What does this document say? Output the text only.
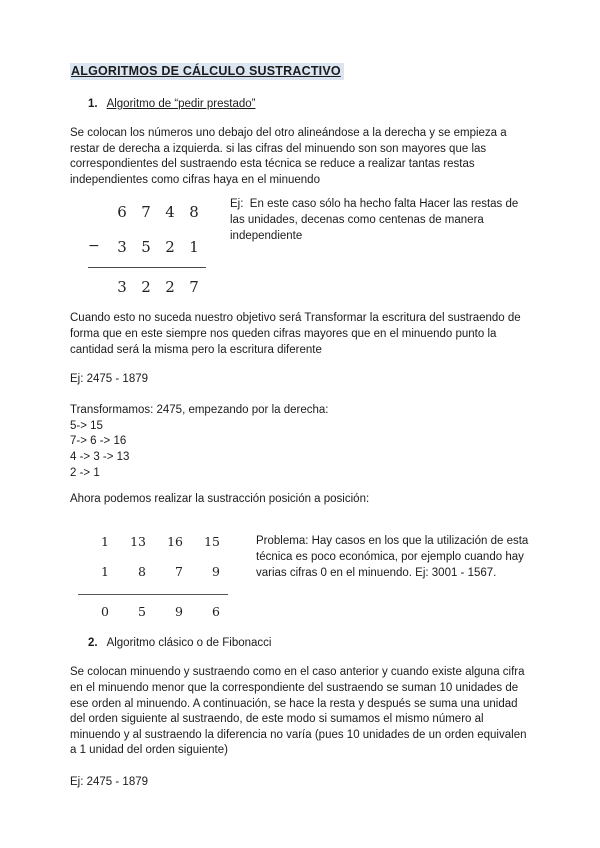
ALGORITMOS DE CÁLCULO SUSTRACTIVO
1. Algoritmo de “pedir prestado”

Se colocan los números uno debajo del otro alineándose a la derecha y se empieza a restar de derecha a izquierda. si las cifras del minuendo son son mayores que las correspondientes del sustraendo esta técnica se reduce a realizar tantas restas independientes como cifras haya en el minuendo

6 7 4 8
−	3 5 2 1
3 2 2 7

Ej:  En este caso sólo ha hecho falta Hacer las restas de las unidades, decenas como centenas de manera independiente

Cuando esto no suceda nuestro objetivo será Transformar la escritura del sustraendo de forma que en este siempre nos queden cifras mayores que en el minuendo punto la cantidad será la misma pero la escritura diferente

Ej: 2475 - 1879

Transformamos: 2475, empezando por la derecha:

5-> 15

7-> 6 -> 16

4 -> 3 -> 13

2 -> 1

Ahora podemos realizar la sustracción posición a posición:

1	13	16	15
1	8	7	9
0	5	9	6

Problema: Hay casos en los que la utilización de esta técnica es poco económica, por ejemplo cuando hay varias cifras 0 en el minuendo. Ej: 3001 - 1567.

2. Algoritmo clásico o de Fibonacci

Se colocan minuendo y sustraendo como en el caso anterior y cuando existe alguna cifra en el minuendo menor que la correspondiente del sustraendo se suman 10 unidades de ese orden al minuendo. A continuación, se hace la resta y después se suma una unidad del orden siguiente al sustraendo, de este modo si sumamos el mismo número al minuendo y al sustraendo la diferencia no varía (pues 10 unidades de un orden equivalen a 1 unidad del orden siguiente)

Ej: 2475 - 1879
